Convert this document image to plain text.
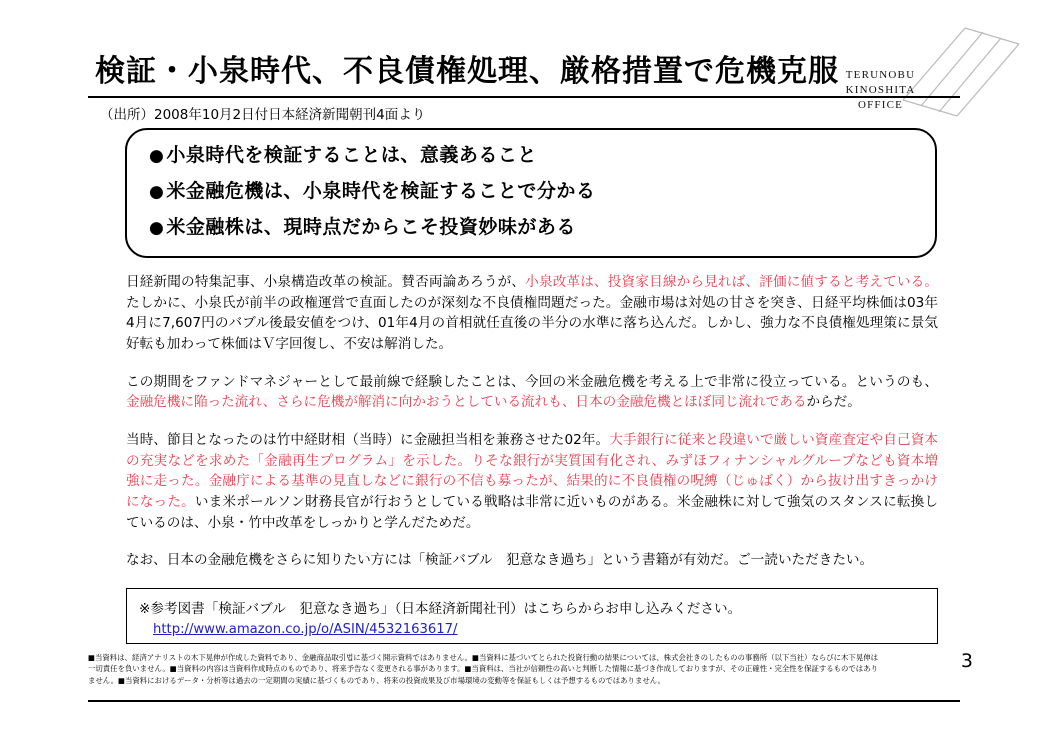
検証・小泉時代、不良債権処理、厳格措置で危機克服 TERUNOBU
KINOSHITA
OFFICE
（出所）2008年10月2日付日本経済新聞朝刊4面より
● 小泉時代を検証することは、意義あること
● 米金融危機は、小泉時代を検証することで分かる
● 米金融株は、現時点だからこそ投資妙味がある
日経新聞の特集記事、小泉構造改革の検証。賛否両論あろうが、小泉改革は、投資家目線から見れば、評価に値すると考えている。たしかに、小泉氏が前半の政権運営で直面したのが深刻な不良債権問題だった。金融市場は対処の甘さを突き、日経平均株価は03年4月に7,607円のバブル後最安値をつけ、01年4月の首相就任直後の半分の水準に落ち込んだ。しかし、強力な不良債権処理策に景気好転も加わって株価はＶ字回復し、不安は解消した。
この期間をファンドマネジャーとして最前線で経験したことは、今回の米金融危機を考える上で非常に役立っている。というのも、金融危機に陥った流れ、さらに危機が解消に向かおうとしている流れも、日本の金融危機とほぼ同じ流れであるからだ。
当時、節目となったのは竹中経財相（当時）に金融担当相を兼務させた02年。大手銀行に従来と段違いで厳しい資産査定や自己資本の充実などを求めた「金融再生プログラム」を示した。りそな銀行が実質国有化され、みずほフィナンシャルグループなども資本増強に走った。金融庁による基準の見直しなどに銀行の不信も募ったが、結果的に不良債権の呪縛（じゅばく）から抜け出すきっかけになった。いま米ポールソン財務長官が行おうとしている戦略は非常に近いものがある。米金融株に対して強気のスタンスに転換しているのは、小泉・竹中改革をしっかりと学んだためだ。
なお、日本の金融危機をさらに知りたい方には「検証バブル　犯意なき過ち」という書籍が有効だ。ご一読いただきたい。
※参考図書「検証バブル　犯意なき過ち」（日本経済新聞社刊）はこちらからお申し込みください。
http://www.amazon.co.jp/o/ASIN/4532163617/
■当資料は、経済アナリストの木下晃伸が作成した資料であり、金融商品取引법に基づく開示資料ではありません。■当資料に基づいてとられた投資行動の結果については、株式会社きのしたものの事務所（以下当社）ならびに木下晃伸は一切責任を負いません。■当資料の内容は当資料作成時点のものであり、将来予告なく変更される事があります。■当資料は、当社が信頼性の高いと判断した情報に基づき作成しておりますが、その正確性・完全性を保証するものではありません。■当資料におけるデータ・分析等は過去の一定期間の実績に基づくものであり、将来の投資成果及び市場環境の変動等を保証もしくは予想するものではありません。
3
